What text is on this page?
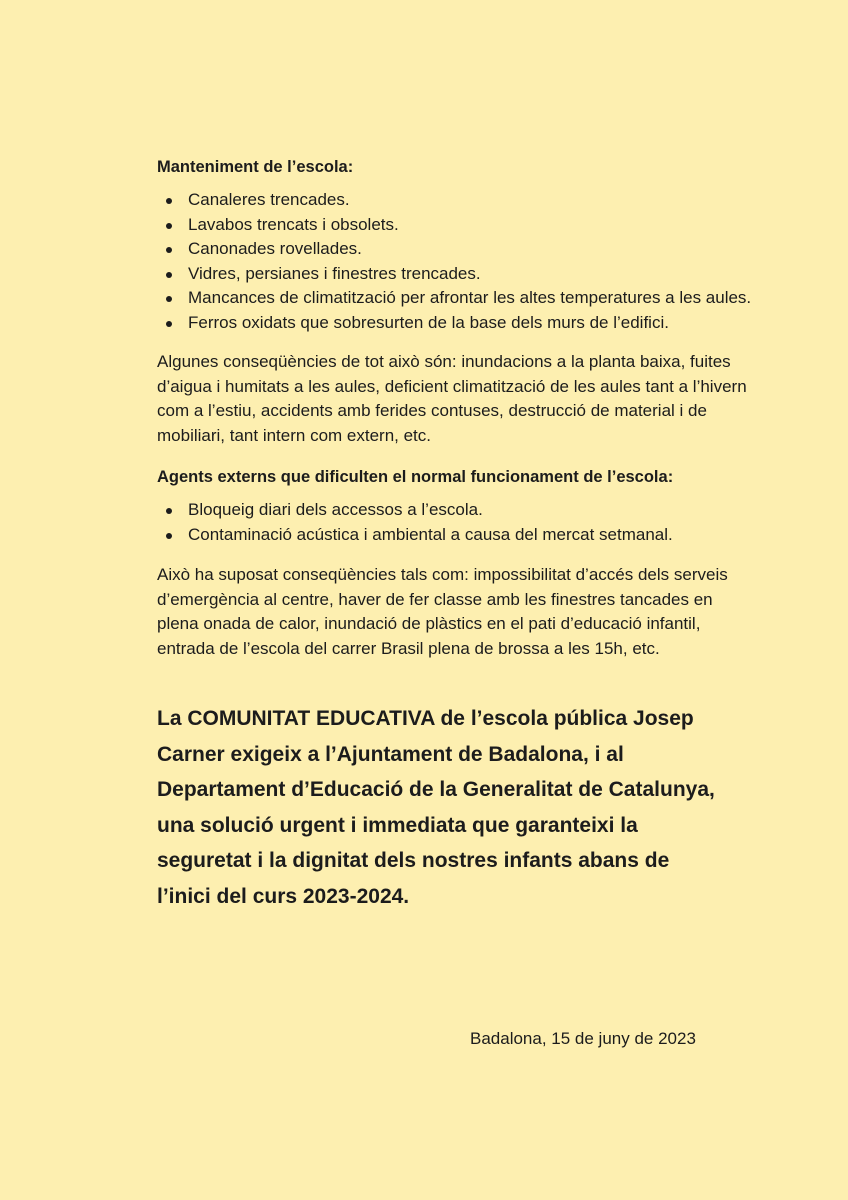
Manteniment de l’escola:

Canaleres trencades.
Lavabos trencats i obsolets.
Canonades rovellades.
Vidres, persianes i finestres trencades.
Mancances de climatització per afrontar les altes temperatures a les aules.
Ferros oxidats que sobresurten de la base dels murs de l’edifici.

Algunes conseqüències de tot això són: inundacions a la planta baixa, fuites d’aigua i humitats a les aules, deficient climatització de les aules tant a l’hivern com a l’estiu, accidents amb ferides contuses, destrucció de material i de mobiliari, tant intern com extern, etc.

Agents externs que dificulten el normal funcionament de l’escola:

Bloqueig diari dels accessos a l’escola.
Contaminació acústica i ambiental a causa del mercat setmanal.

Això ha suposat conseqüències tals com: impossibilitat d’accés dels serveis d’emergència al centre, haver de fer classe amb les finestres tancades en plena onada de calor, inundació de plàstics en el pati d’educació infantil, entrada de l’escola del carrer Brasil plena de brossa a les 15h, etc.

La COMUNITAT EDUCATIVA de l’escola pública Josep Carner exigeix a l’Ajuntament de Badalona, i al Departament d’Educació de la Generalitat de Catalunya, una solució urgent i immediata que garanteixi la seguretat i la dignitat dels nostres infants abans de l’inici del curs 2023-2024.

Badalona, 15 de juny de 2023
